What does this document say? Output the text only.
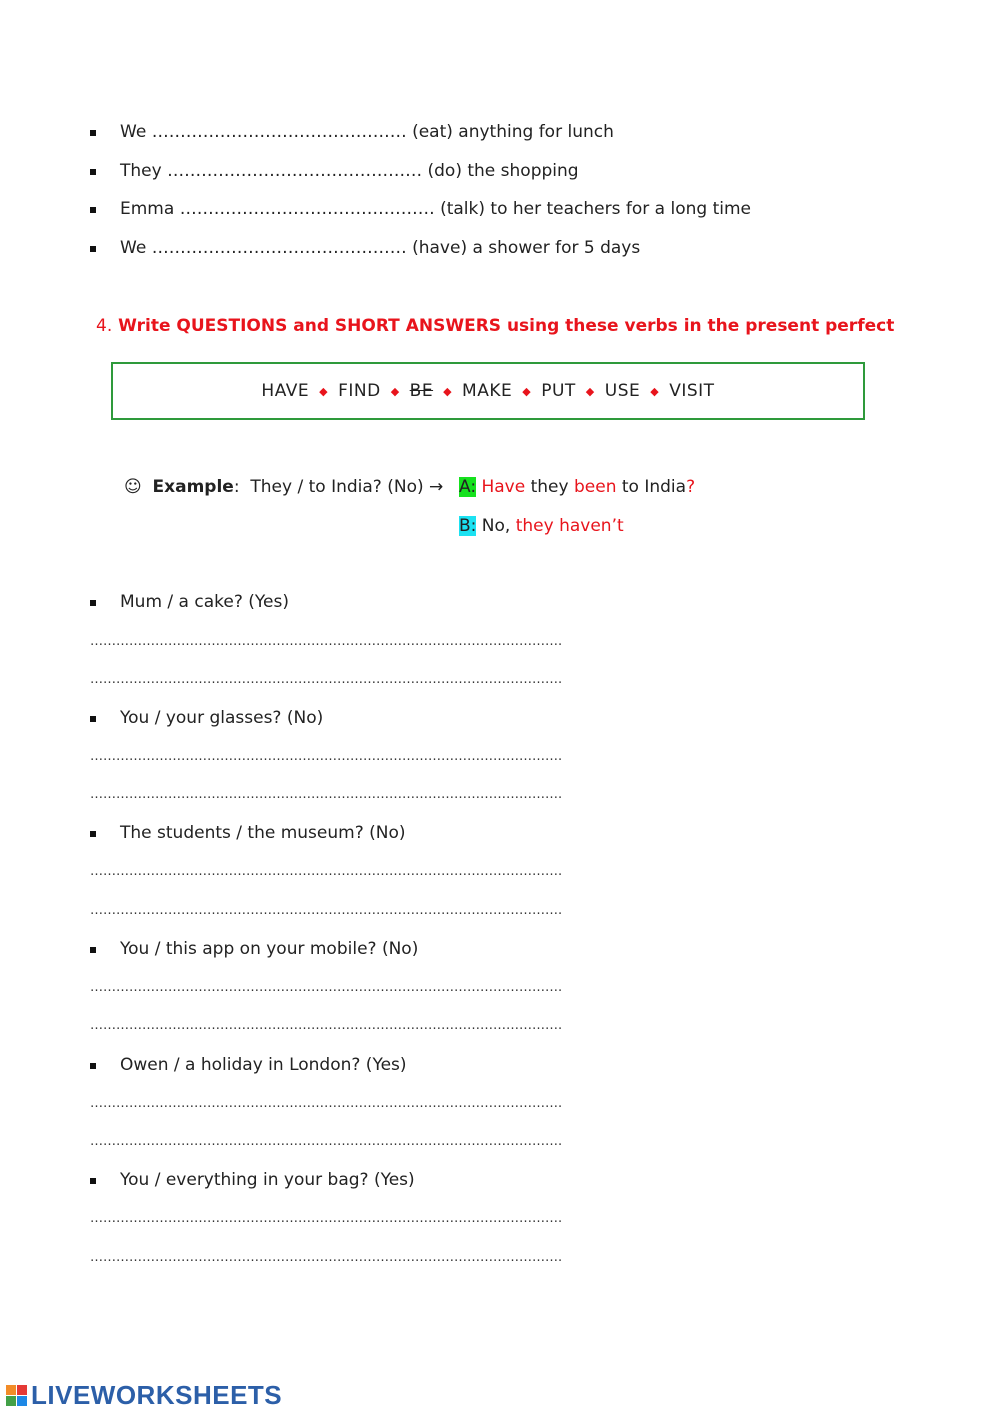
We ……………………………………… (eat) anything for lunch
They ……………………………………… (do) the shopping
Emma ……………………………………… (talk) to her teachers for a long time
We ……………………………………… (have) a shower for 5 days
4. Write QUESTIONS and SHORT ANSWERS using these verbs in the present perfect
HAVE ◆ FIND ◆ BE ◆ MAKE ◆ PUT ◆ USE ◆ VISIT
☺ Example: They / to India? (No) → A: Have they been to India?
B: No, they haven’t
Mum / a cake? (Yes)
……………………………………………………………………………………………….
……………………………………………………………………………………………….
You / your glasses? (No)
……………………………………………………………………………………………….
……………………………………………………………………………………………….
The students / the museum? (No)
……………………………………………………………………………………………….
……………………………………………………………………………………………….
You / this app on your mobile? (No)
……………………………………………………………………………………………….
……………………………………………………………………………………………….
Owen / a holiday in London? (Yes)
……………………………………………………………………………………………….
……………………………………………………………………………………………….
You / everything in your bag? (Yes)
……………………………………………………………………………………………….
……………………………………………………………………………………………….
LIVEWORKSHEETS
